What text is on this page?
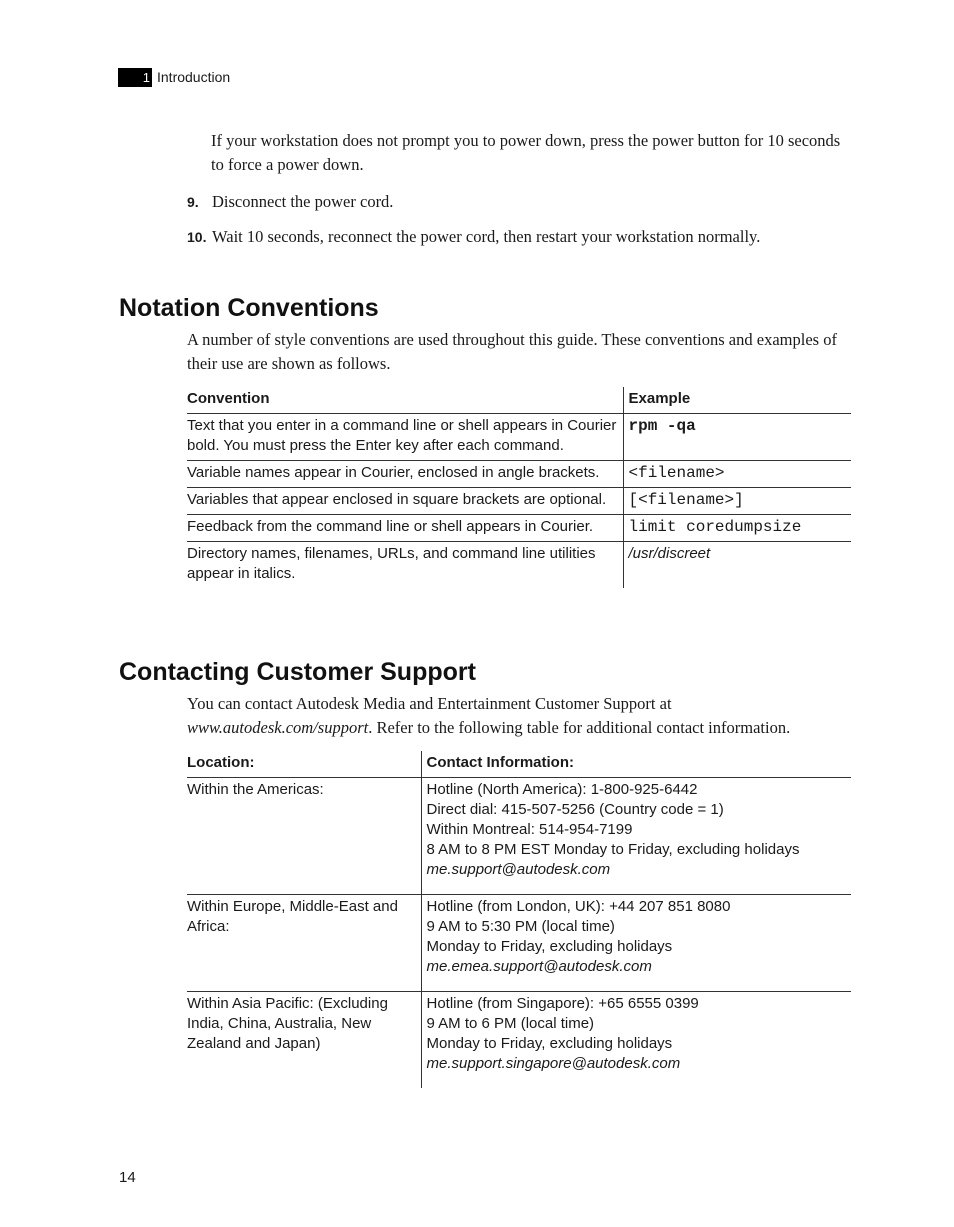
1 Introduction
If your workstation does not prompt you to power down, press the power button for 10 seconds to force a power down.
9. Disconnect the power cord.
10. Wait 10 seconds, reconnect the power cord, then restart your workstation normally.
Notation Conventions
A number of style conventions are used throughout this guide. These conventions and examples of their use are shown as follows.
Convention	Example
Text that you enter in a command line or shell appears in Courier bold. You must press the Enter key after each command.	rpm -qa
Variable names appear in Courier, enclosed in angle brackets.	<filename>
Variables that appear enclosed in square brackets are optional.	[<filename>]
Feedback from the command line or shell appears in Courier.	limit coredumpsize
Directory names, filenames, URLs, and command line utilities appear in italics.	/usr/discreet
Contacting Customer Support
You can contact Autodesk Media and Entertainment Customer Support at www.autodesk.com/support. Refer to the following table for additional contact information.
Location:	Contact Information:
Within the Americas:	Hotline (North America): 1-800-925-6442
Direct dial: 415-507-5256 (Country code = 1)
Within Montreal: 514-954-7199
8 AM to 8 PM EST Monday to Friday, excluding holidays
me.support@autodesk.com

Within Europe, Middle-East and Africa:	Hotline (from London, UK): +44 207 851 8080
9 AM to 5:30 PM (local time)
Monday to Friday, excluding holidays
me.emea.support@autodesk.com

Within Asia Pacific: (Excluding India, China, Australia, New Zealand and Japan)	Hotline (from Singapore): +65 6555 0399
9 AM to 6 PM (local time)
Monday to Friday, excluding holidays
me.support.singapore@autodesk.com
14
